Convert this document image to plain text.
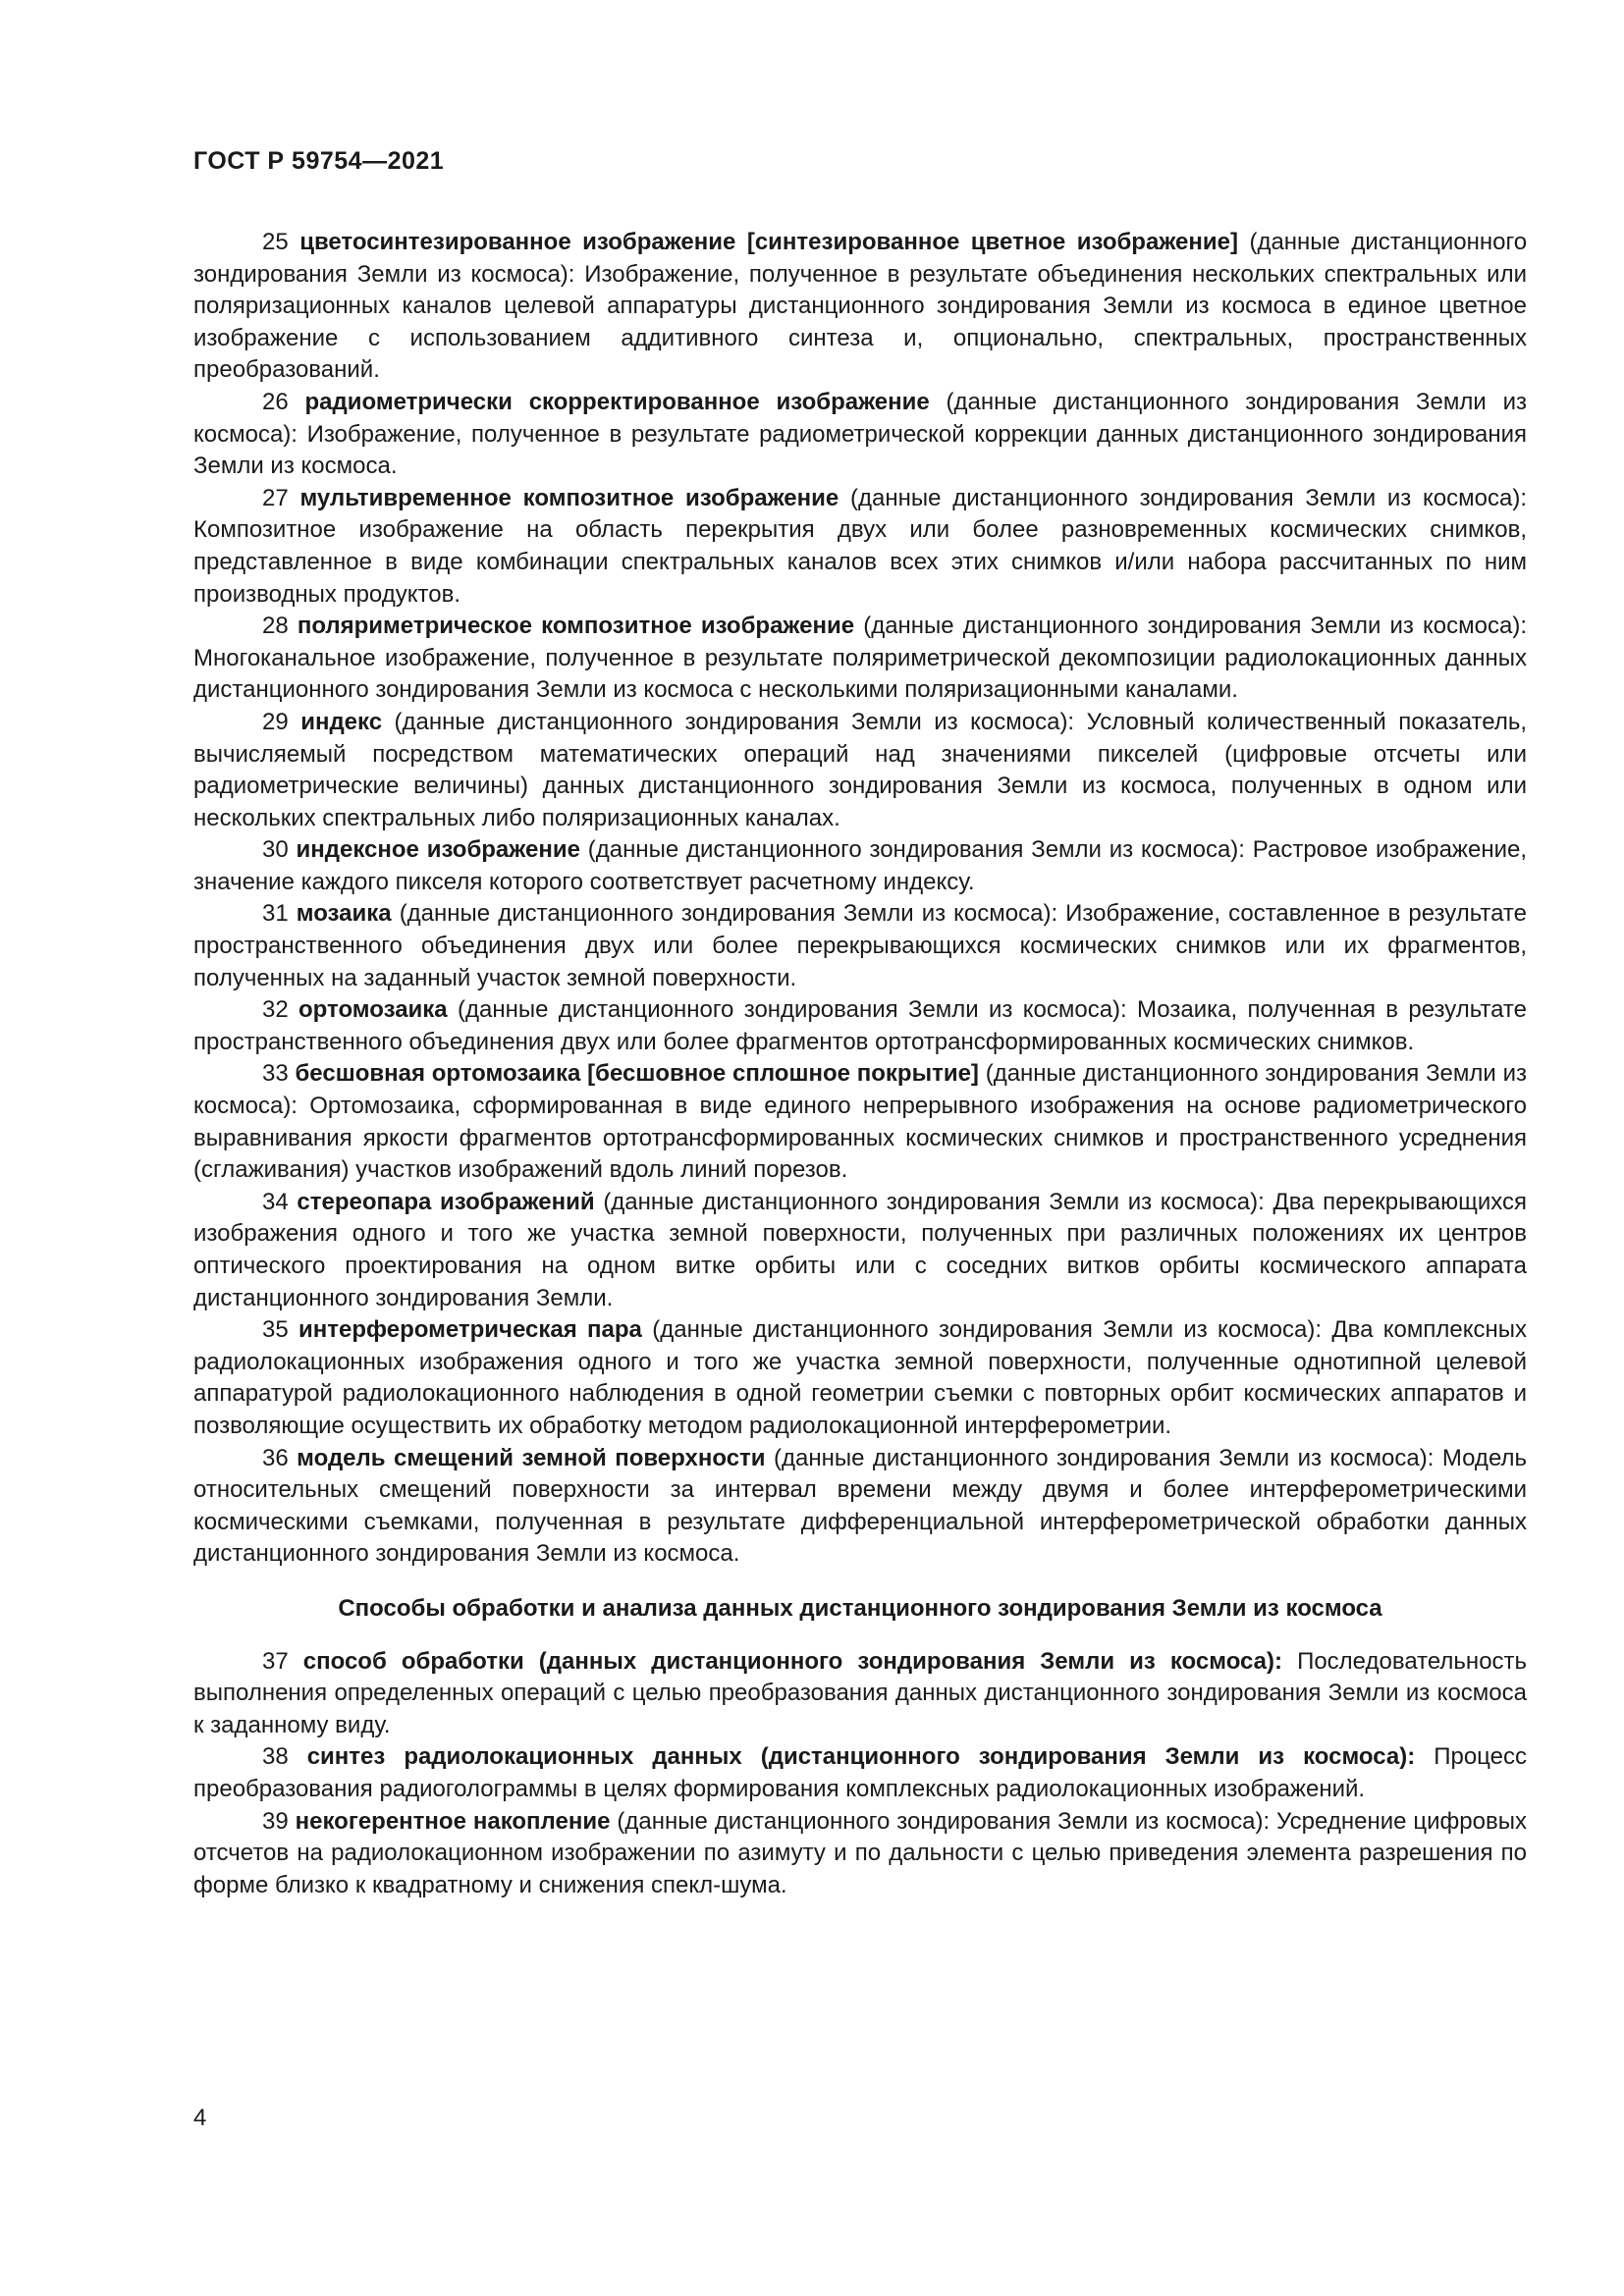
ГОСТ Р 59754—2021

25 цветосинтезированное изображение [синтезированное цветное изображение] (данные дистанционного зондирования Земли из космоса): Изображение, полученное в результате объединения нескольких спектральных или поляризационных каналов целевой аппаратуры дистанционного зондирования Земли из космоса в единое цветное изображение с использованием аддитивного синтеза и, опционально, спектральных, пространственных преобразований.

26 радиометрически скорректированное изображение (данные дистанционного зондирования Земли из космоса): Изображение, полученное в результате радиометрической коррекции данных дистанционного зондирования Земли из космоса.

27 мультивременное композитное изображение (данные дистанционного зондирования Земли из космоса): Композитное изображение на область перекрытия двух или более разновременных космических снимков, представленное в виде комбинации спектральных каналов всех этих снимков и/или набора рассчитанных по ним производных продуктов.

28 поляриметрическое композитное изображение (данные дистанционного зондирования Земли из космоса): Многоканальное изображение, полученное в результате поляриметрической декомпозиции радиолокационных данных дистанционного зондирования Земли из космоса с несколькими поляризационными каналами.

29 индекс (данные дистанционного зондирования Земли из космоса): Условный количественный показатель, вычисляемый посредством математических операций над значениями пикселей (цифровые отсчеты или радиометрические величины) данных дистанционного зондирования Земли из космоса, полученных в одном или нескольких спектральных либо поляризационных каналах.

30 индексное изображение (данные дистанционного зондирования Земли из космоса): Растровое изображение, значение каждого пикселя которого соответствует расчетному индексу.

31 мозаика (данные дистанционного зондирования Земли из космоса): Изображение, составленное в результате пространственного объединения двух или более перекрывающихся космических снимков или их фрагментов, полученных на заданный участок земной поверхности.

32 ортомозаика (данные дистанционного зондирования Земли из космоса): Мозаика, полученная в результате пространственного объединения двух или более фрагментов ортотрансформированных космических снимков.

33 бесшовная ортомозаика [бесшовное сплошное покрытие] (данные дистанционного зондирования Земли из космоса): Ортомозаика, сформированная в виде единого непрерывного изображения на основе радиометрического выравнивания яркости фрагментов ортотрансформированных космических снимков и пространственного усреднения (сглаживания) участков изображений вдоль линий порезов.

34 стереопара изображений (данные дистанционного зондирования Земли из космоса): Два перекрывающихся изображения одного и того же участка земной поверхности, полученных при различных положениях их центров оптического проектирования на одном витке орбиты или с соседних витков орбиты космического аппарата дистанционного зондирования Земли.

35 интерферометрическая пара (данные дистанционного зондирования Земли из космоса): Два комплексных радиолокационных изображения одного и того же участка земной поверхности, полученные однотипной целевой аппаратурой радиолокационного наблюдения в одной геометрии съемки с повторных орбит космических аппаратов и позволяющие осуществить их обработку методом радиолокационной интерферометрии.

36 модель смещений земной поверхности (данные дистанционного зондирования Земли из космоса): Модель относительных смещений поверхности за интервал времени между двумя и более интерферометрическими космическими съемками, полученная в результате дифференциальной интерферометрической обработки данных дистанционного зондирования Земли из космоса.

Способы обработки и анализа данных дистанционного зондирования Земли из космоса

37 способ обработки (данных дистанционного зондирования Земли из космоса): Последовательность выполнения определенных операций с целью преобразования данных дистанционного зондирования Земли из космоса к заданному виду.

38 синтез радиолокационных данных (дистанционного зондирования Земли из космоса): Процесс преобразования радиоголограммы в целях формирования комплексных радиолокационных изображений.

39 некогерентное накопление (данные дистанционного зондирования Земли из космоса): Усреднение цифровых отсчетов на радиолокационном изображении по азимуту и по дальности с целью приведения элемента разрешения по форме близко к квадратному и снижения спекл-шума.

4
